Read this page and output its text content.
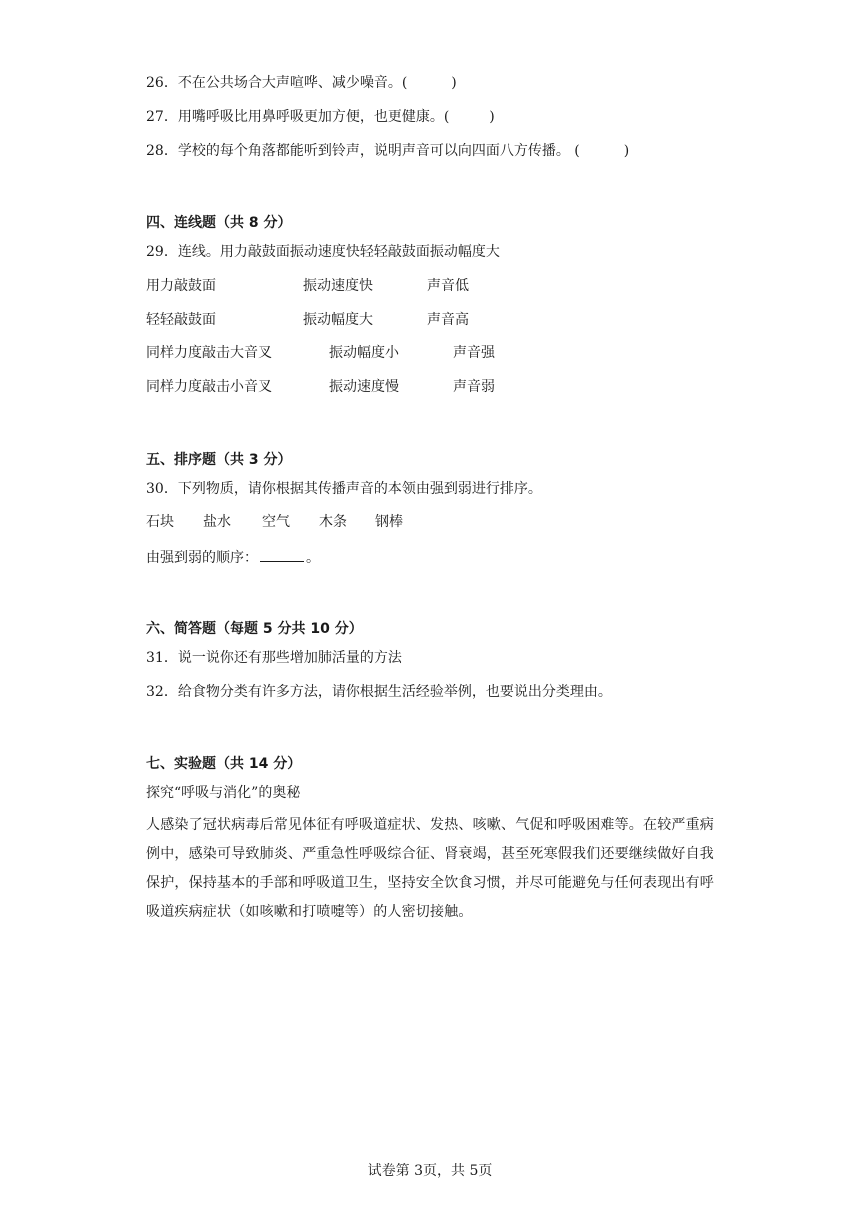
26．不在公共场合大声喧哗、减少噪音。(	)
27．用嘴呼吸比用鼻呼吸更加方便，也更健康。(	)
28．学校的每个角落都能听到铃声，说明声音可以向四面八方传播。 (	)
四、连线题（共 8 分）
29．连线。用力敲鼓面振动速度快轻轻敲鼓面振动幅度大
用力敲鼓面	振动速度快	声音低
轻轻敲鼓面	振动幅度大	声音高
同样力度敲击大音叉	振动幅度小	声音强
同样力度敲击小音叉	振动速度慢	声音弱
五、排序题（共 3 分）
30．下列物质，请你根据其传播声音的本领由强到弱进行排序。
石块 盐水 空气 木条 钢棒
由强到弱的顺序：	。
六、简答题（每题 5 分共 10 分）
31．说一说你还有那些增加肺活量的方法
32．给食物分类有许多方法，请你根据生活经验举例，也要说出分类理由。
七、实验题（共 14 分）
探究“呼吸与消化”的奥秘
人感染了冠状病毒后常见体征有呼吸道症状、发热、咳嗽、气促和呼吸困难等。在较严重病例中，感染可导致肺炎、严重急性呼吸综合征、肾衰竭，甚至死寒假我们还要继续做好自我保护，保持基本的手部和呼吸道卫生，坚持安全饮食习惯，并尽可能避免与任何表现出有呼吸道疾病症状（如咳嗽和打喷嚏等）的人密切接触。
试卷第 3页，共 5页
